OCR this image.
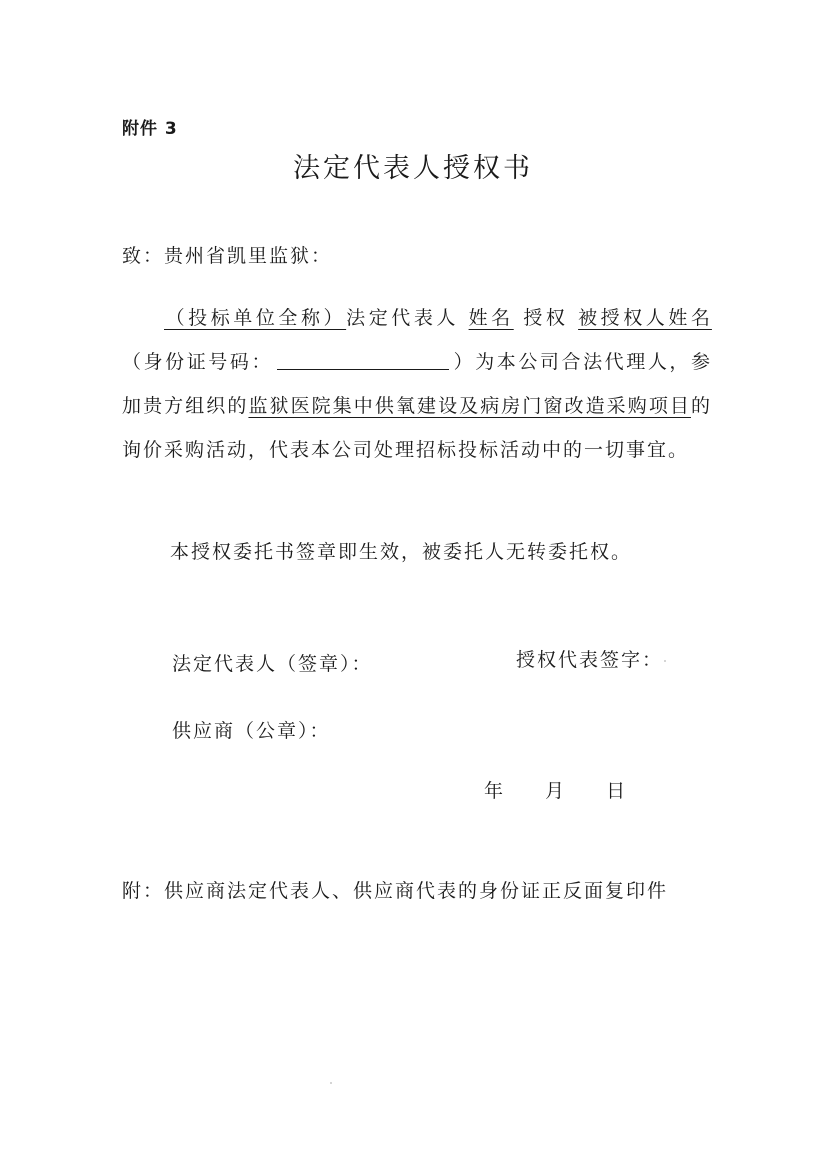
附件 3
法定代表人授权书
致：贵州省凯里监狱：
（投标单位全称）法定代表人 姓名 授权 被授权人姓名（身份证号码：	）为本公司合法代理人，参加贵方组织的监狱医院集中供氧建设及病房门窗改造采购项目的询价采购活动，代表本公司处理招标投标活动中的一切事宜。
本授权委托书签章即生效，被委托人无转委托权。
法定代表人（签章）：	授权代表签字：
供应商（公章）：
年 月 日
附：供应商法定代表人、供应商代表的身份证正反面复印件
